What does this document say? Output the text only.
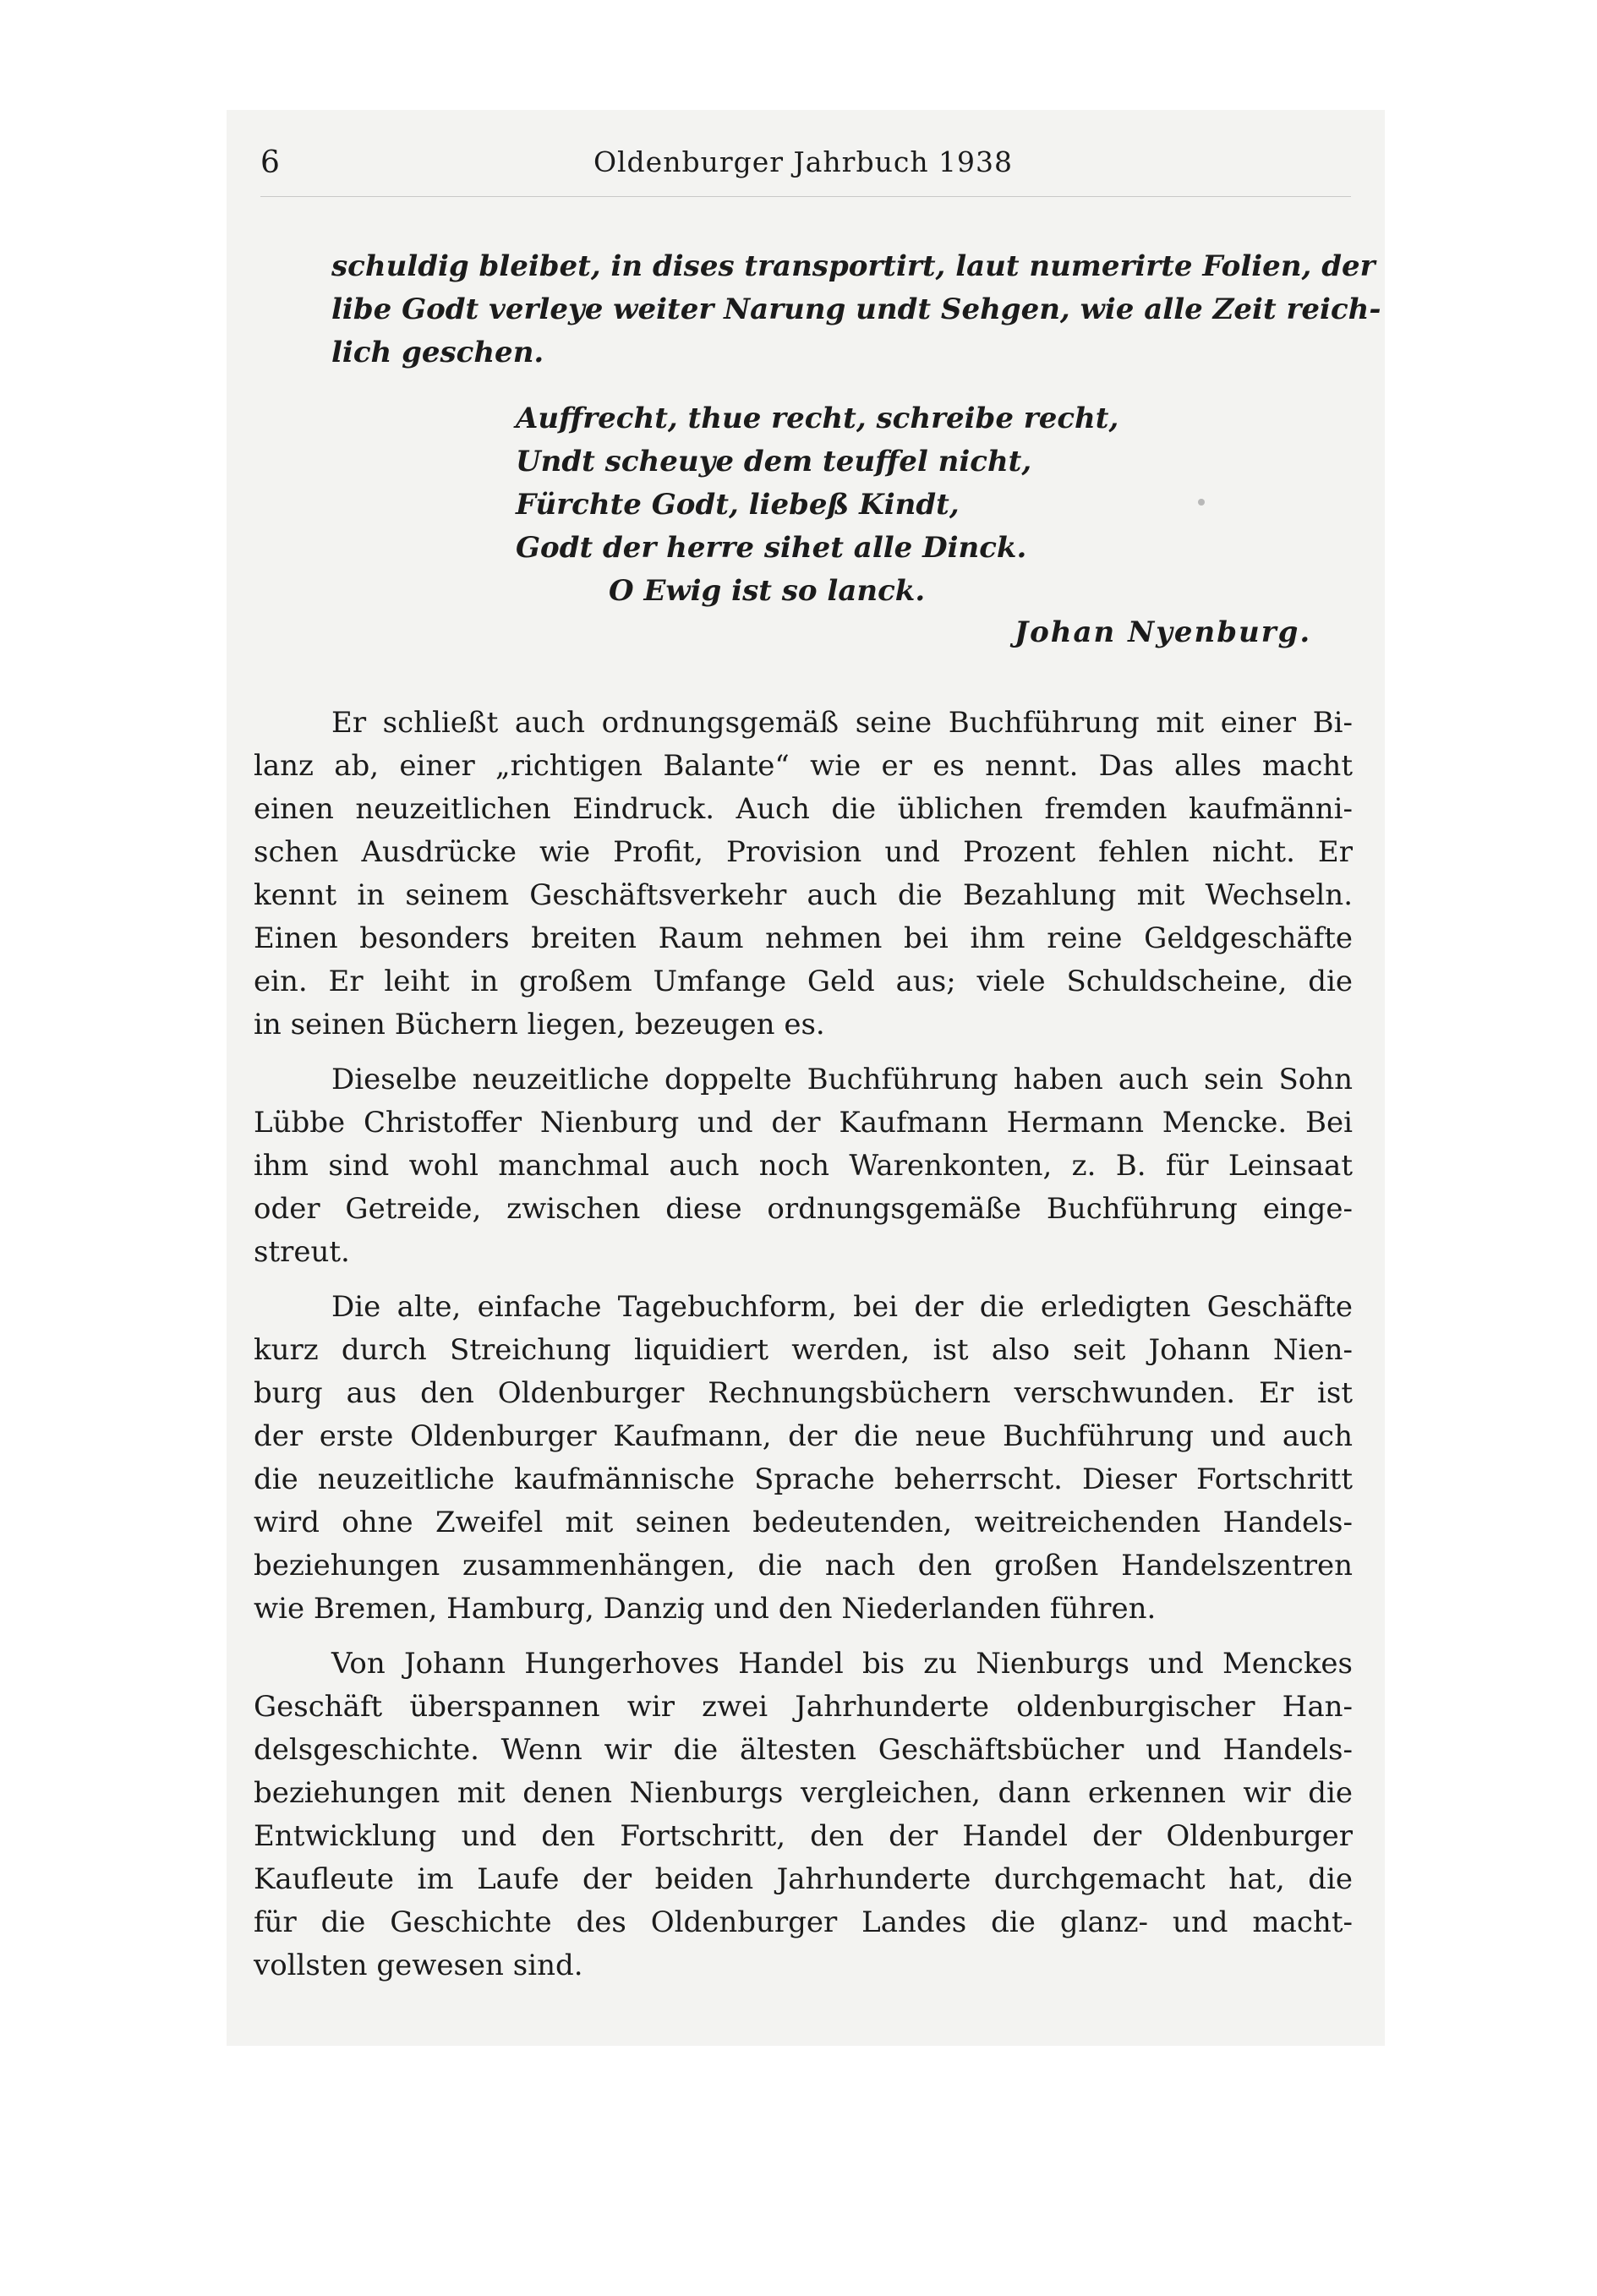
6	Oldenburger Jahrbuch 1938
schuldig bleibet, in dises transportirt, laut numerirte Folien, der
libe Godt verleye weiter Narung undt Sehgen, wie alle Zeit reich-
lich geschen.
Auffrecht, thue recht, schreibe recht,
Undt scheuye dem teuffel nicht,
Fürchte Godt, liebeß Kindt,
Godt der herre sihet alle Dinck.
O Ewig ist so lanck.
Johan Nyenburg.
Er schließt auch ordnungsgemäß seine Buchführung mit einer Bi-
lanz ab, einer „richtigen Balante“ wie er es nennt. Das alles macht
einen neuzeitlichen Eindruck. Auch die üblichen fremden kaufmänni-
schen Ausdrücke wie Profit, Provision und Prozent fehlen nicht. Er
kennt in seinem Geschäftsverkehr auch die Bezahlung mit Wechseln.
Einen besonders breiten Raum nehmen bei ihm reine Geldgeschäfte
ein. Er leiht in großem Umfange Geld aus; viele Schuldscheine, die
in seinen Büchern liegen, bezeugen es.
Dieselbe neuzeitliche doppelte Buchführung haben auch sein Sohn
Lübbe Christoffer Nienburg und der Kaufmann Hermann Mencke. Bei
ihm sind wohl manchmal auch noch Warenkonten, z. B. für Leinsaat
oder Getreide, zwischen diese ordnungsgemäße Buchführung einge-
streut.
Die alte, einfache Tagebuchform, bei der die erledigten Geschäfte
kurz durch Streichung liquidiert werden, ist also seit Johann Nien-
burg aus den Oldenburger Rechnungsbüchern verschwunden. Er ist
der erste Oldenburger Kaufmann, der die neue Buchführung und auch
die neuzeitliche kaufmännische Sprache beherrscht. Dieser Fortschritt
wird ohne Zweifel mit seinen bedeutenden, weitreichenden Handels-
beziehungen zusammenhängen, die nach den großen Handelszentren
wie Bremen, Hamburg, Danzig und den Niederlanden führen.
Von Johann Hungerhoves Handel bis zu Nienburgs und Menckes
Geschäft überspannen wir zwei Jahrhunderte oldenburgischer Han-
delsgeschichte. Wenn wir die ältesten Geschäftsbücher und Handels-
beziehungen mit denen Nienburgs vergleichen, dann erkennen wir die
Entwicklung und den Fortschritt, den der Handel der Oldenburger
Kaufleute im Laufe der beiden Jahrhunderte durchgemacht hat, die
für die Geschichte des Oldenburger Landes die glanz- und macht-
vollsten gewesen sind.
